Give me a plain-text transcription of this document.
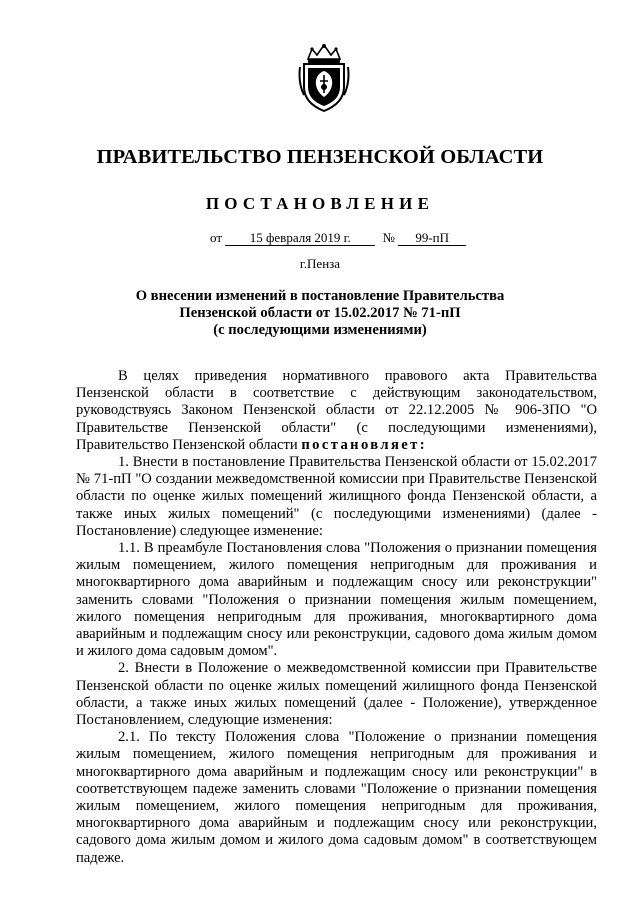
ПРАВИТЕЛЬСТВО ПЕНЗЕНСКОЙ ОБЛАСТИ
ПОСТАНОВЛЕНИЕ
от 15 февраля 2019 г. № 99-пП
г.Пенза
О внесении изменений в постановление Правительства
Пензенской области от 15.02.2017 № 71-пП
(с последующими изменениями)

В целях приведения нормативного правового акта Правительства Пензенской области в соответствие с действующим законодательством, руководствуясь Законом Пензенской области от 22.12.2005 № 906-ЗПО "О Правительстве Пензенской области" (с последующими изменениями), Правительство Пензенской области постановляет:

1. Внести в постановление Правительства Пензенской области от 15.02.2017 № 71-пП "О создании межведомственной комиссии при Правительстве Пензенской области по оценке жилых помещений жилищного фонда Пензенской области, а также иных жилых помещений" (с последующими изменениями) (далее - Постановление) следующее изменение:

1.1. В преамбуле Постановления слова "Положения о признании помещения жилым помещением, жилого помещения непригодным для проживания и многоквартирного дома аварийным и подлежащим сносу или реконструкции" заменить словами "Положения о признании помещения жилым помещением, жилого помещения непригодным для проживания, многоквартирного дома аварийным и подлежащим сносу или реконструкции, садового дома жилым домом и жилого дома садовым домом".

2. Внести в Положение о межведомственной комиссии при Правительстве Пензенской области по оценке жилых помещений жилищного фонда Пензенской области, а также иных жилых помещений (далее - Положение), утвержденное Постановлением, следующие изменения:

2.1. По тексту Положения слова "Положение о признании помещения жилым помещением, жилого помещения непригодным для проживания и многоквартирного дома аварийным и подлежащим сносу или реконструкции" в соответствующем падеже заменить словами "Положение о признании помещения жилым помещением, жилого помещения непригодным для проживания, многоквартирного дома аварийным и подлежащим сносу или реконструкции, садового дома жилым домом и жилого дома садовым домом" в соответствующем падеже.
